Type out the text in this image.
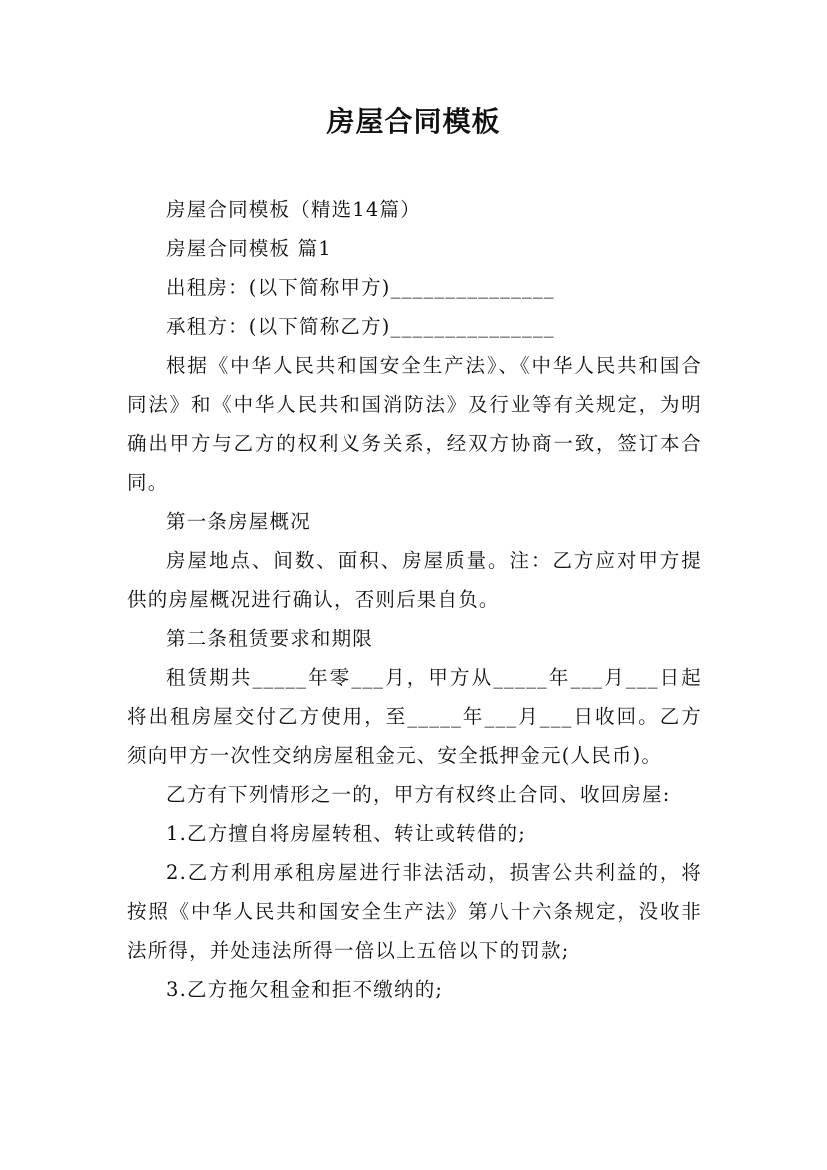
房屋合同模板

房屋合同模板（精选14篇）

房屋合同模板 篇1

出租房：(以下简称甲方)_______________

承租方：(以下简称乙方)_______________

根据《中华人民共和国安全生产法》、《中华人民共和国合同法》和《中华人民共和国消防法》及行业等有关规定，为明确出甲方与乙方的权利义务关系，经双方协商一致，签订本合同。

第一条房屋概况

房屋地点、间数、面积、房屋质量。注：乙方应对甲方提供的房屋概况进行确认，否则后果自负。

第二条租赁要求和期限

租赁期共_____年零___月，甲方从_____年___月___日起将出租房屋交付乙方使用，至_____年___月___日收回。乙方须向甲方一次性交纳房屋租金元、安全抵押金元(人民币)。

乙方有下列情形之一的，甲方有权终止合同、收回房屋:

1.乙方擅自将房屋转租、转让或转借的;

2.乙方利用承租房屋进行非法活动，损害公共利益的，将按照《中华人民共和国安全生产法》第八十六条规定，没收非法所得，并处违法所得一倍以上五倍以下的罚款;

3.乙方拖欠租金和拒不缴纳的;
